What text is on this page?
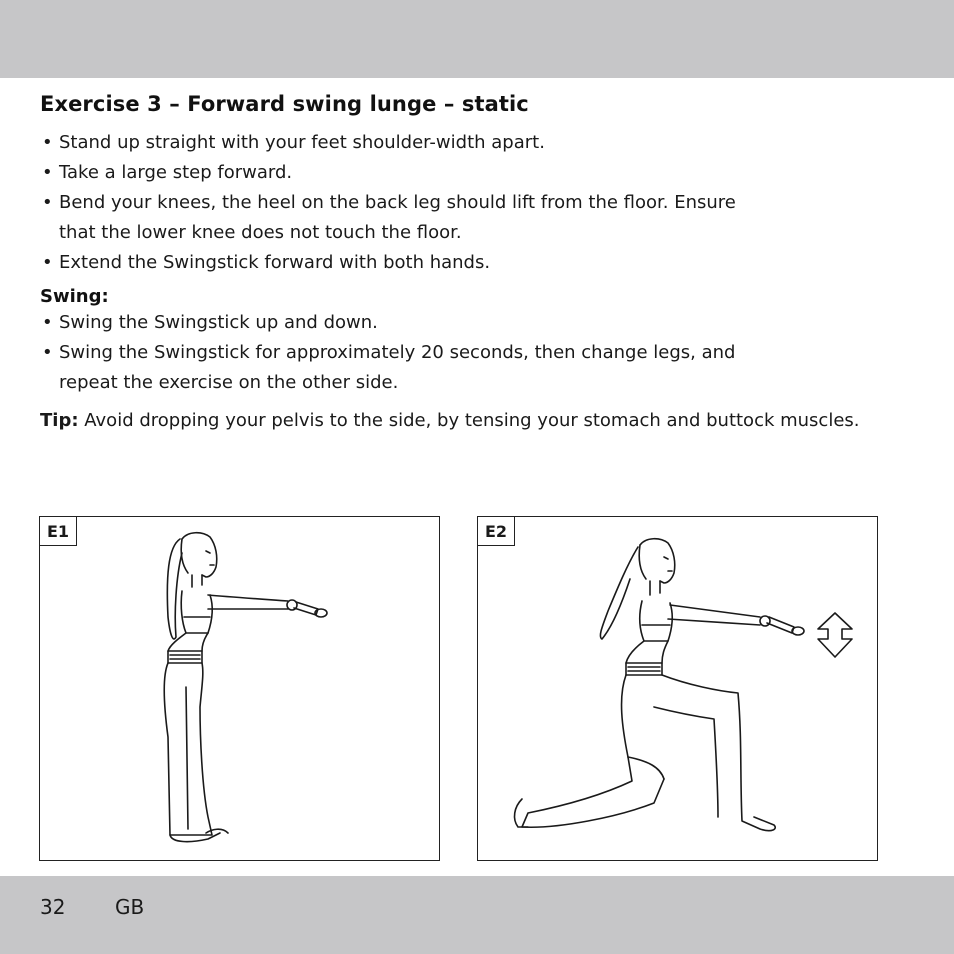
Exercise 3 – Forward swing lunge – static
• Stand up straight with your feet shoulder-width apart.
• Take a large step forward.
• Bend your knees, the heel on the back leg should lift from the floor. Ensure that the lower knee does not touch the floor.
• Extend the Swingstick forward with both hands.
Swing:
• Swing the Swingstick up and down.
• Swing the Swingstick for approximately 20 seconds, then change legs, and repeat the exercise on the other side.
Tip: Avoid dropping your pelvis to the side, by tensing your stomach and buttock muscles.
E1	E2
32 GB
